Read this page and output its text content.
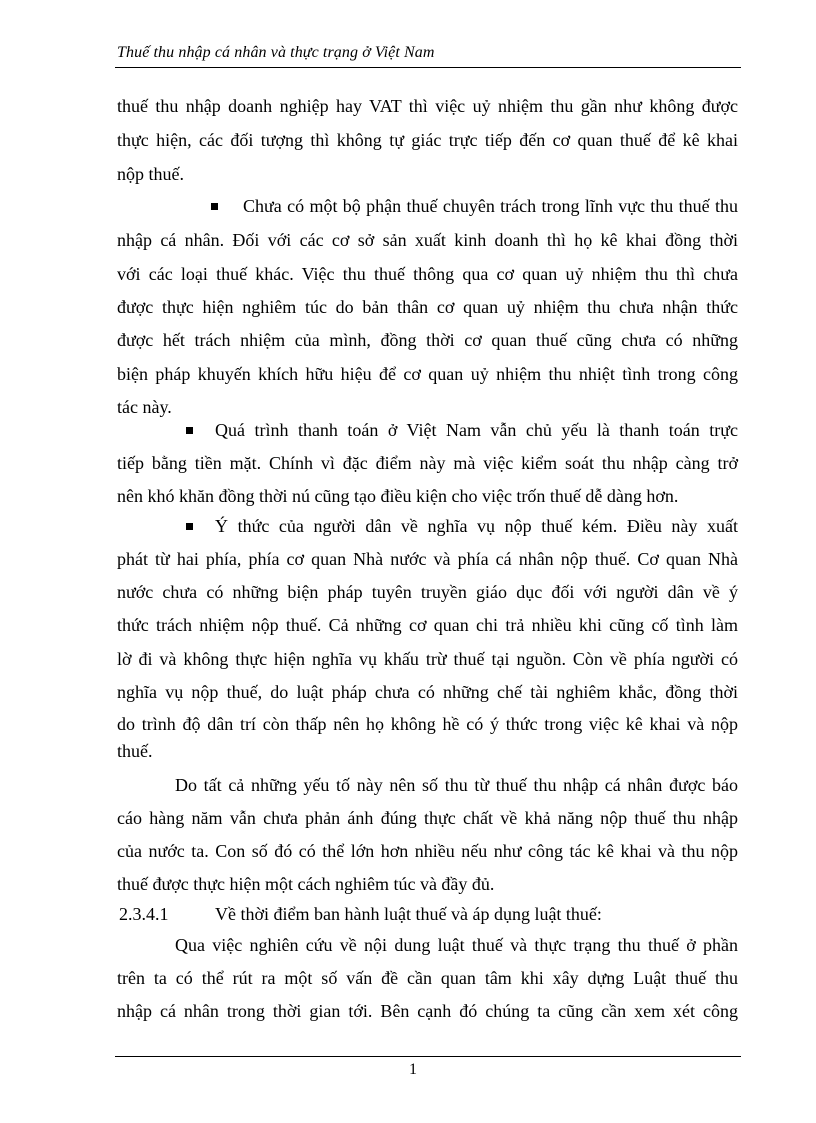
Thuế thu nhập cá nhân và thực trạng ở Việt Nam
thuế thu nhập doanh nghiệp hay VAT thì việc uỷ nhiệm thu gần như không được
thực hiện, các đối tượng thì không tự giác trực tiếp đến cơ quan thuế để kê khai
nộp thuế.
Chưa có một bộ phận thuế chuyên trách trong lĩnh vực thu thuế thu
nhập cá nhân. Đối với các cơ sở sản xuất kinh doanh thì họ kê khai đồng thời
với các loại thuế khác. Việc thu thuế thông qua cơ quan uỷ nhiệm thu thì chưa
được thực hiện nghiêm túc do bản thân cơ quan uỷ nhiệm thu chưa nhận thức
được hết trách nhiệm của mình, đồng thời cơ quan thuế cũng chưa có những
biện pháp khuyến khích hữu hiệu để cơ quan uỷ nhiệm thu nhiệt tình trong công
tác này.
Quá trình thanh toán ở Việt Nam vẫn chủ yếu là thanh toán trực
tiếp bằng tiền mặt. Chính vì đặc điểm này mà việc kiểm soát thu nhập càng trở
nên khó khăn đồng thời nú cũng tạo điều kiện cho việc trốn thuế dễ dàng hơn.
Ý thức của người dân về nghĩa vụ nộp thuế kém. Điều này xuất
phát từ hai phía, phía cơ quan Nhà nước và phía cá nhân nộp thuế. Cơ quan Nhà
nước chưa có những biện pháp tuyên truyền giáo dục đối với người dân về ý
thức trách nhiệm nộp thuế. Cả những cơ quan chi trả nhiều khi cũng cố tình làm
lờ đi và không thực hiện nghĩa vụ khấu trừ thuế tại nguồn. Còn về phía người có
nghĩa vụ nộp thuế, do luật pháp chưa có những chế tài nghiêm khắc, đồng thời
do trình độ dân trí còn thấp nên họ không hề có ý thức trong việc kê khai và nộp
thuế.
Do tất cả những yếu tố này nên số thu từ thuế thu nhập cá nhân được báo
cáo hàng năm vẫn chưa phản ánh đúng thực chất về khả năng nộp thuế thu nhập
của nước ta. Con số đó có thể lớn hơn nhiều nếu như công tác kê khai và thu nộp
thuế được thực hiện một cách nghiêm túc và đầy đủ.
2.3.4.1	Về thời điểm ban hành luật thuế và áp dụng luật thuế:
Qua việc nghiên cứu về nội dung luật thuế và thực trạng thu thuế ở phần
trên ta có thể rút ra một số vấn đề cần quan tâm khi xây dựng Luật thuế thu
nhập cá nhân trong thời gian tới. Bên cạnh đó chúng ta cũng cần xem xét công
1
